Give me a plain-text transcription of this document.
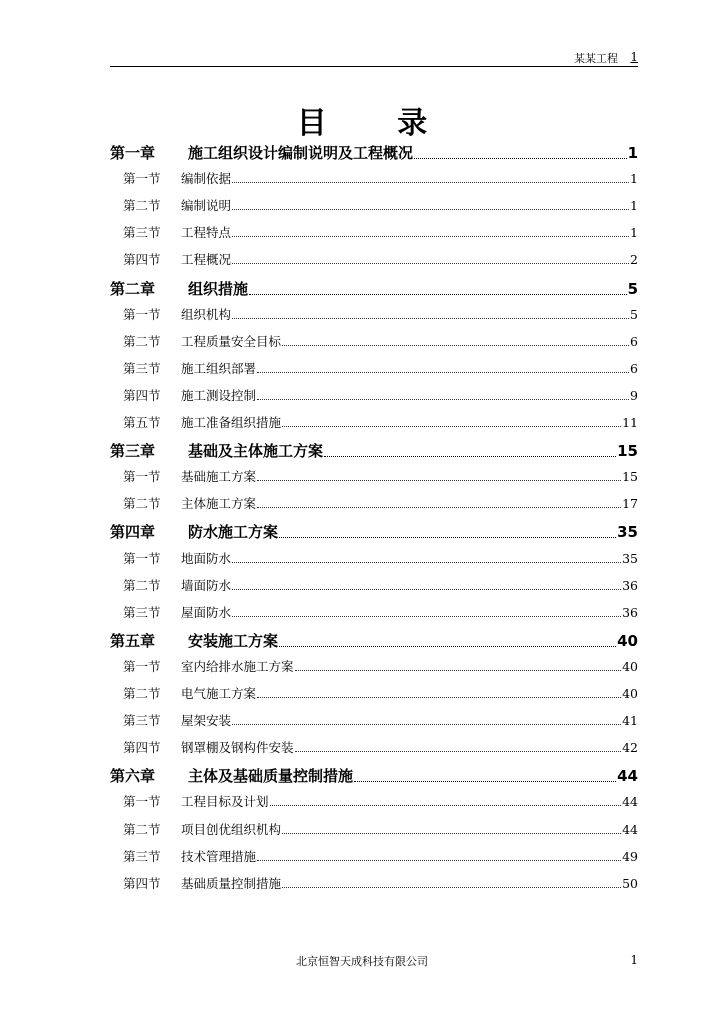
某某工程 1
目 录
第一章	施工组织设计编制说明及工程概况	1
第一节	编制依据	1
第二节	编制说明	1
第三节	工程特点	1
第四节	工程概况	2
第二章	组织措施	5
第一节	组织机构	5
第二节	工程质量安全目标	6
第三节	施工组织部署	6
第四节	施工测设控制	9
第五节	施工准备组织措施	11
第三章	基础及主体施工方案	15
第一节	基础施工方案	15
第二节	主体施工方案	17
第四章	防水施工方案	35
第一节	地面防水	35
第二节	墙面防水	36
第三节	屋面防水	36
第五章	安装施工方案	40
第一节	室内给排水施工方案	40
第二节	电气施工方案	40
第三节	屋架安装	41
第四节	钢罩棚及钢构件安装	42
第六章	主体及基础质量控制措施	44
第一节	工程目标及计划	44
第二节	项目创优组织机构	44
第三节	技术管理措施	49
第四节	基础质量控制措施	50
北京恒智天成科技有限公司	1
